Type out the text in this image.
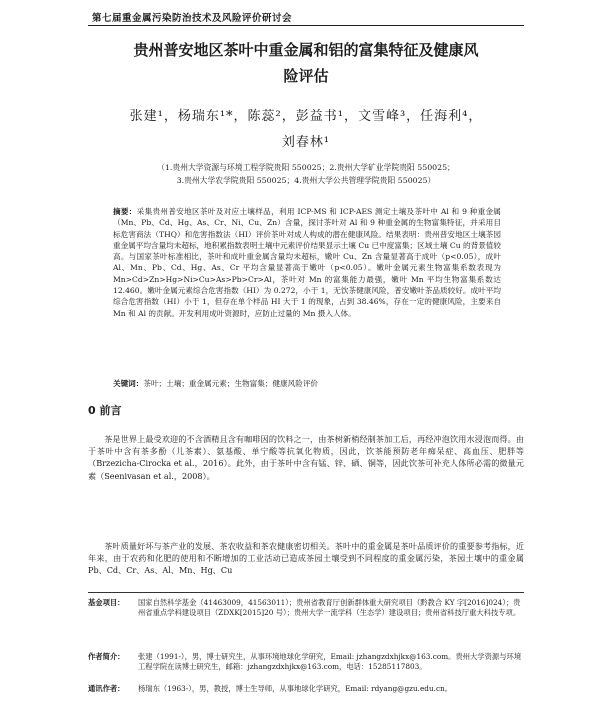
第七届重金属污染防治技术及风险评价研讨会
贵州普安地区茶叶中重金属和铝的富集特征及健康风
险评估
张建¹，杨瑞东¹*，陈蕊²，彭益书¹，文雪峰³，任海利⁴，
刘春林¹
（1.贵州大学资源与环境工程学院贵阳 550025；2.贵州大学矿业学院贵阳 550025；
3.贵州大学农学院贵阳 550025；4.贵州大学公共管理学院贵阳 550025）
摘要：采集贵州普安地区茶叶及对应土壤样品，利用 ICP-MS 和 ICP-AES 测定土壤及茶叶中 Al 和 9 种重金属（Mn、Pb、Cd、Hg、As、Cr、Ni、Cu、Zn）含量，探讨茶叶对 Al 和 9 种重金属的生物富集特征，并采用目标危害商法（THQ）和危害指数法（HI）评价茶叶对成人构成的潜在健康风险。结果表明：贵州普安地区土壤茶园重金属平均含量均未超标，地积累指数表明土壤中元素评价结果显示土壤 Cu 已中度富集；区域土壤 Cu 的背景值较高。与国家茶叶标准相比，茶叶和成叶重金属含量均未超标，嫩叶 Cu、Zn 含量显著高于成叶（p<0.05），成叶 Al、Mn、Pb、Cd、Hg、As、Cr 平均含量显著高于嫩叶（p<0.05）。嫩叶金属元素生物富集系数表现为 Mn>Cd>Zn>Hg>Ni>Cu>As>Pb>Cr>Al，茶叶对 Mn 的富集能力最强，嫩叶 Mn 平均生物富集系数达 12.460。嫩叶金属元素综合危害指数（HI）为 0.272，小于 1，无饮茶健康风险，普安嫩叶茶品质较好。成叶平均综合危害指数（HI）小于 1，但存在单个样品 HI 大于 1 的现象，占到 38.46%，存在一定的健康风险，主要来自 Mn 和 Al 的贡献。开发利用成叶资源时，应防止过量的 Mn 摄入人体。
关键词：茶叶；土壤；重金属元素；生物富集；健康风险评价
0 前言
茶是世界上最受欢迎的不含酒精且含有咖啡因的饮料之一，由茶树新梢经制茶加工后，再经冲泡饮用水浸泡而得。由于茶叶中含有茶多酚（儿茶素）、氨基酸、单宁酸等抗氧化物质，因此，饮茶能预防老年痴呆症、高血压、肥胖等（Brzezicha-Cirocka et al.，2016）。此外，由于茶叶中含有锰、锌、硒、铜等，因此饮茶可补充人体所必需的微量元素（Seenivasan et al.，2008）。
茶叶质量好坏与茶产业的发展、茶农收益和茶农健康密切相关。茶叶中的重金属是茶叶品质评价的重要参考指标，近年来，由于农药和化肥的使用和不断增加的工业活动已造成茶园土壤受到不同程度的重金属污染，茶园土壤中的重金属 Pb、Cd、Cr、As、Al、Mn、Hg、Cu
基金项目：	国家自然科学基金（41463009，41563011）；贵州省教育厅创新群体重大研究项目（黔教合 KY 字[2016]024）；贵州省重点学科建设项目（ZDXK[2015]20 号）；贵州大学一流学科（生态学）建设项目；贵州省科技厅重大科技专项。
作者简介：	张建（1991-），男，博士研究生，从事环境地球化学研究，Email: jzhangzdxhjkx@163.com。贵州大学资源与环境工程学院在读博士研究生，邮箱：jzhangzdxhjkx@163.com，电话：15285117803。
通讯作者：	杨瑞东（1963-），男，教授，博士生导师，从事地球化学研究，Email: rdyang@gzu.edu.cn。
